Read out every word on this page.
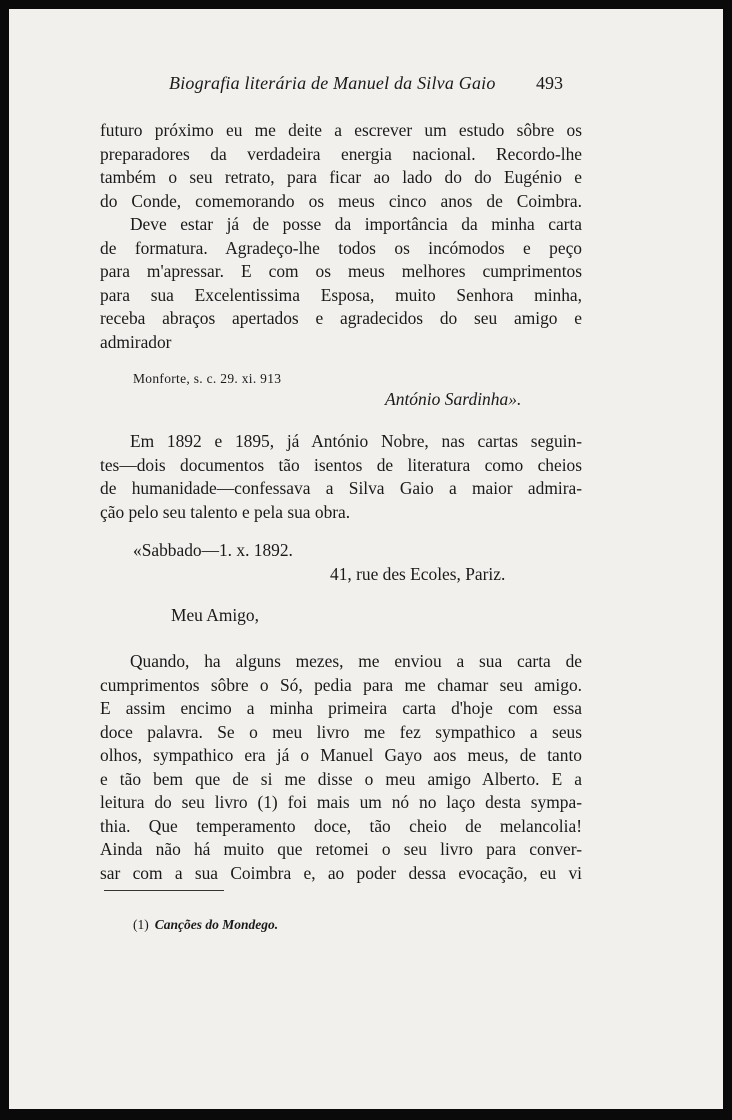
Biografia literária de Manuel da Silva Gaio 493
futuro próximo eu me deite a escrever um estudo sôbre os
preparadores da verdadeira energia nacional. Recordo-lhe
também o seu retrato, para ficar ao lado do do Eugénio e
do Conde, comemorando os meus cinco anos de Coimbra.
Deve estar já de posse da importância da minha carta
de formatura. Agradeço-lhe todos os incómodos e peço
para m'apressar. E com os meus melhores cumprimentos
para sua Excelentissima Esposa, muito Senhora minha,
receba abraços apertados e agradecidos do seu amigo e
admirador
Monforte, s. c. 29. xi. 913
António Sardinha».
Em 1892 e 1895, já António Nobre, nas cartas seguin-
tes—dois documentos tão isentos de literatura como cheios
de humanidade—confessava a Silva Gaio a maior admira-
ção pelo seu talento e pela sua obra.
«Sabbado—1. x. 1892.
41, rue des Ecoles, Pariz.
Meu Amigo,
Quando, ha alguns mezes, me enviou a sua carta de
cumprimentos sôbre o Só, pedia para me chamar seu amigo.
E assim encimo a minha primeira carta d'hoje com essa
doce palavra. Se o meu livro me fez sympathico a seus
olhos, sympathico era já o Manuel Gayo aos meus, de tanto
e tão bem que de si me disse o meu amigo Alberto. E a
leitura do seu livro (1) foi mais um nó no laço desta sympa-
thia. Que temperamento doce, tão cheio de melancolia!
Ainda não há muito que retomei o seu livro para conver-
sar com a sua Coimbra e, ao poder dessa evocação, eu vi
(1) Canções do Mondego.
